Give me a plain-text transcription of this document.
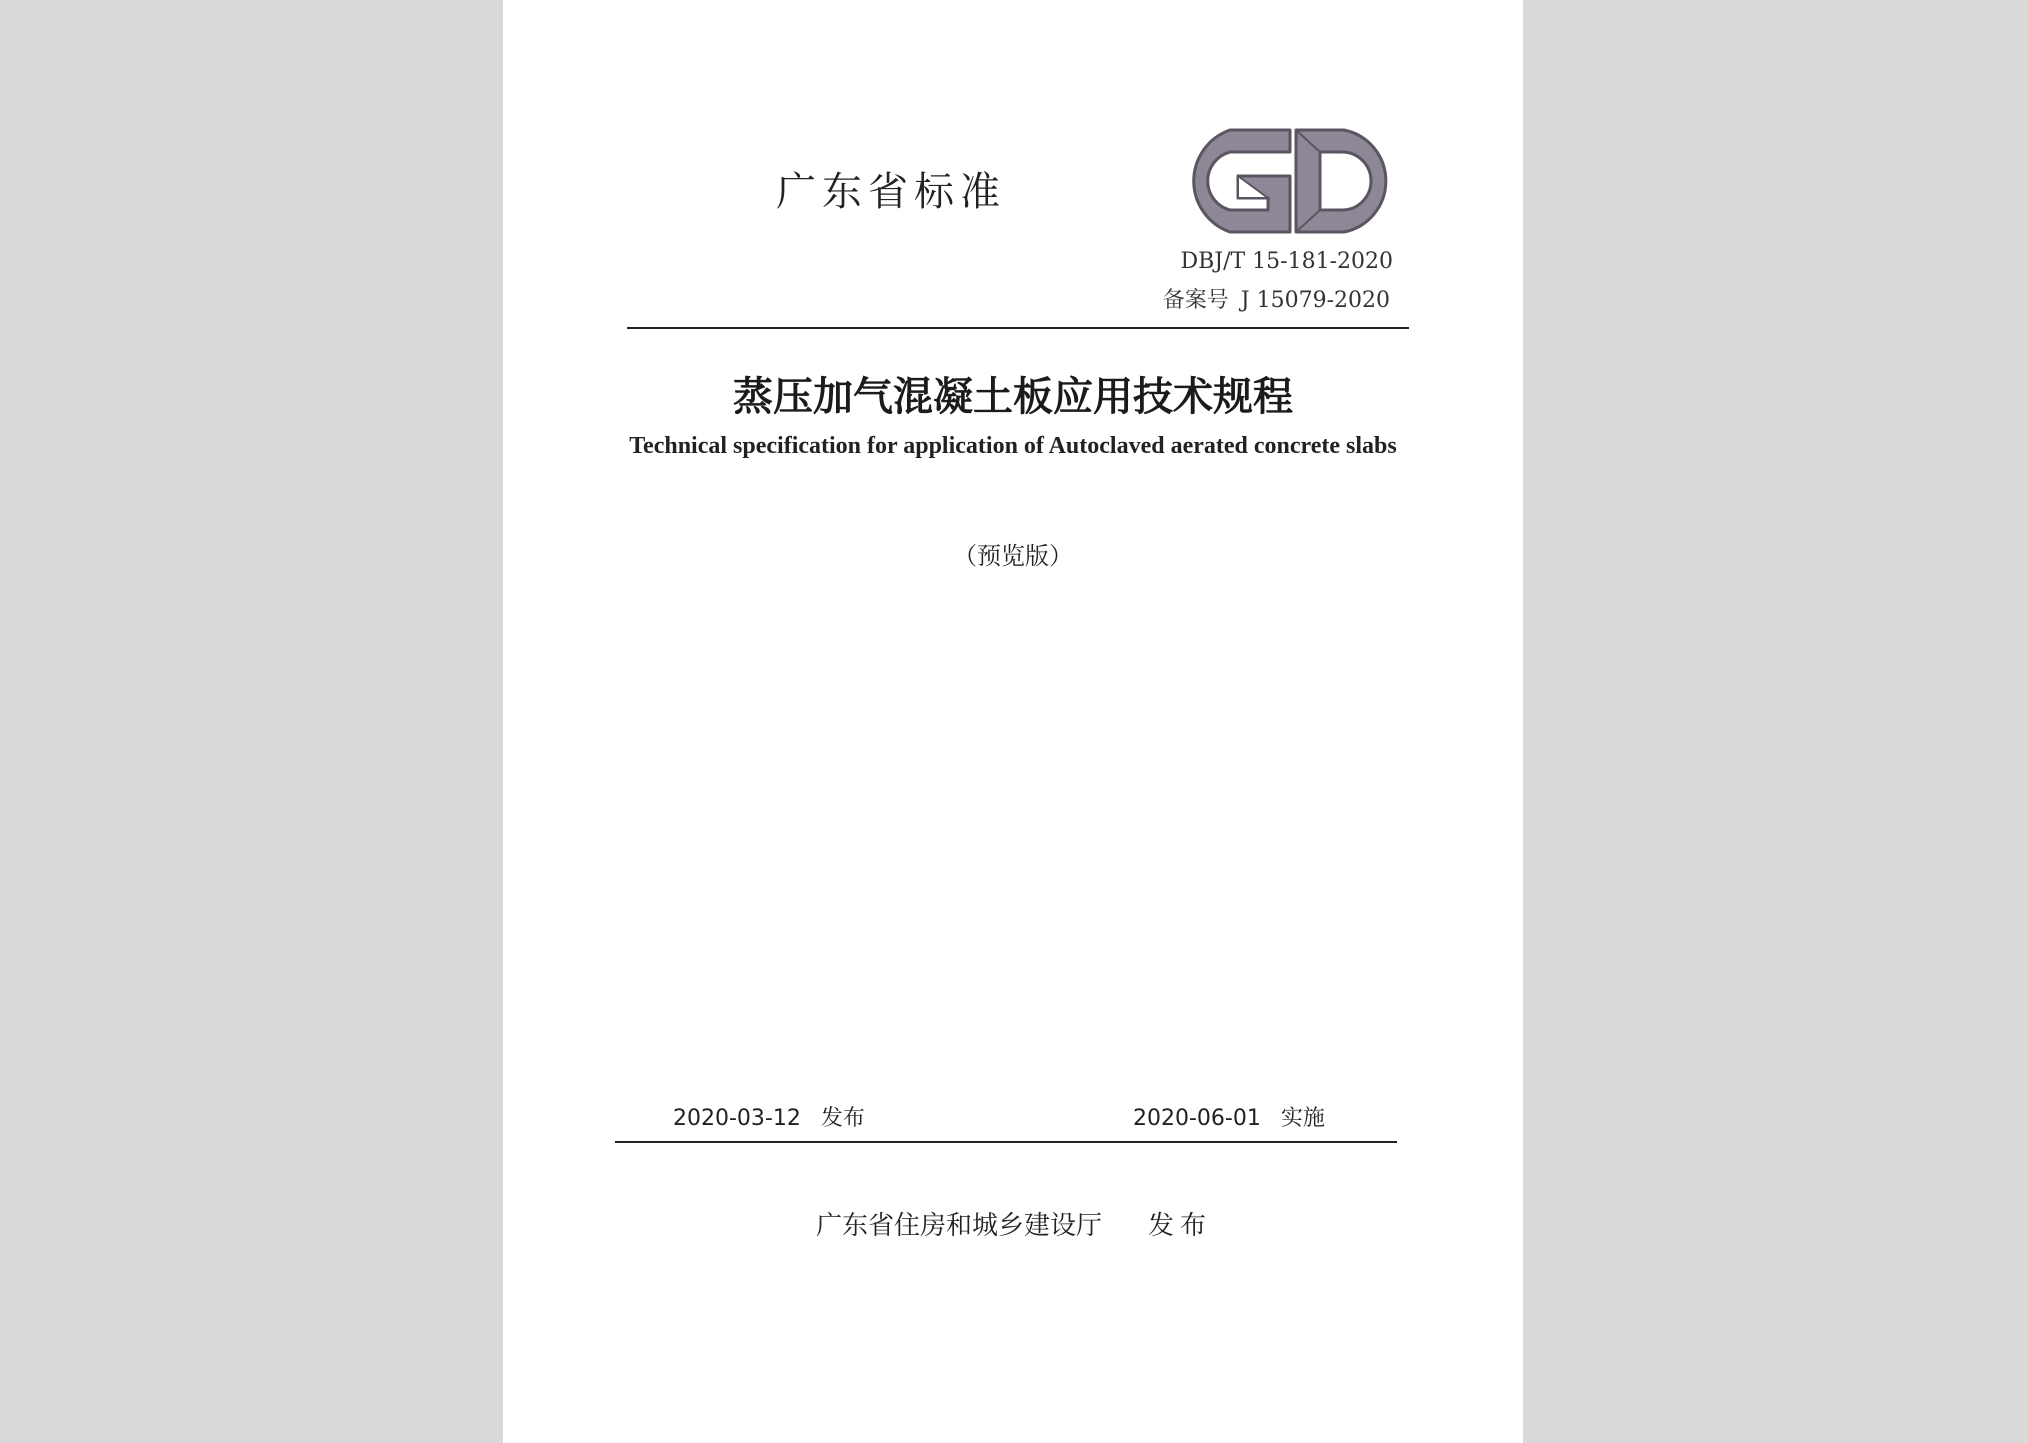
广东省标准
DBJ/T 15-181-2020
备案号 J 15079-2020
蒸压加气混凝土板应用技术规程
Technical specification for application of Autoclaved aerated concrete slabs
（预览版）
2020-03-12 发布	2020-06-01 实施
广东省住房和城乡建设厅 发布
